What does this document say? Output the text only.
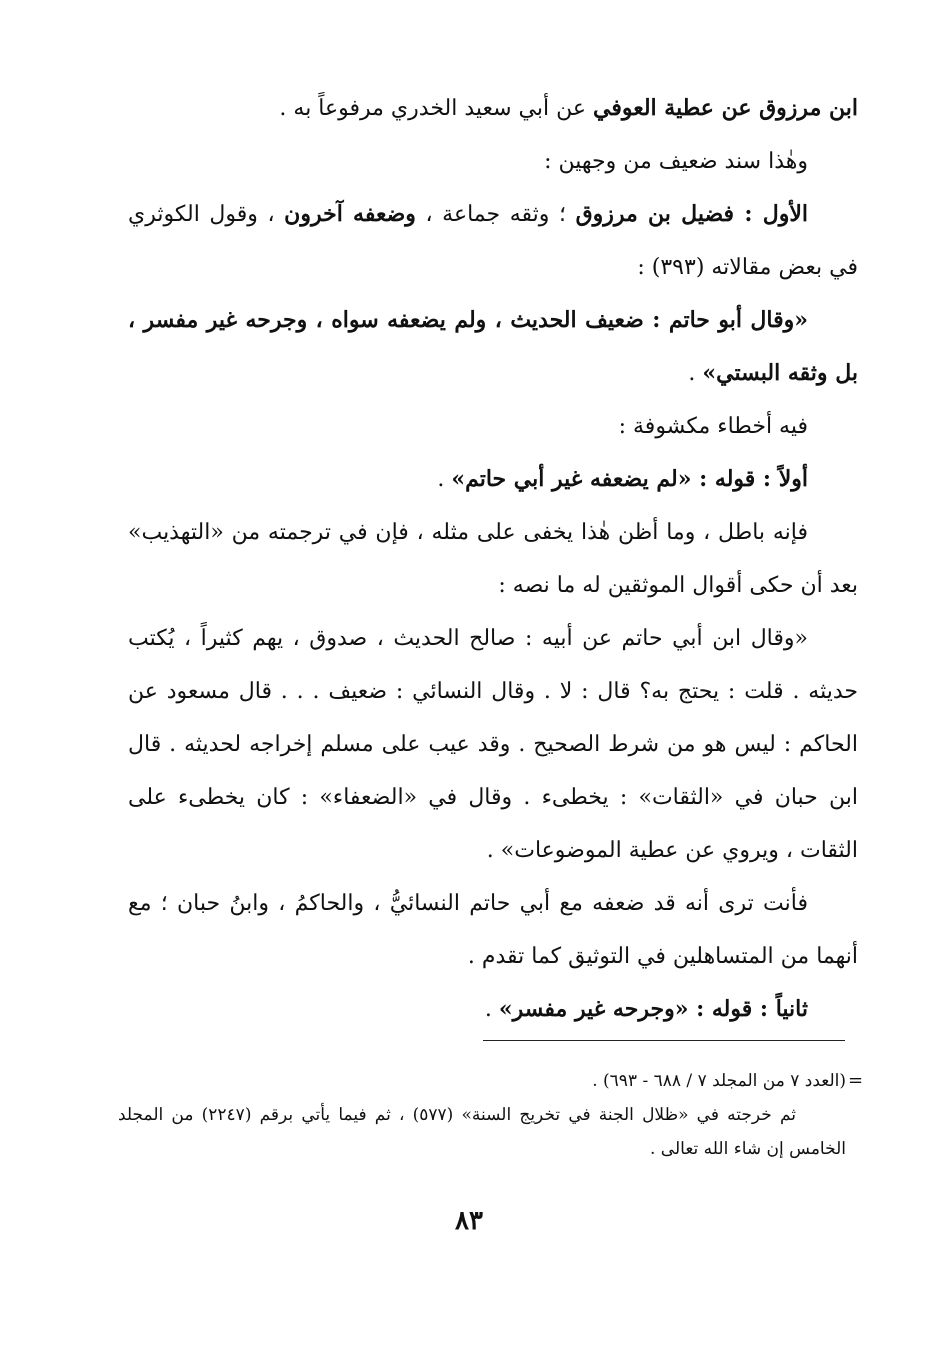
ابن مرزوق عن عطية العوفي عن أبي سعيد الخدري مرفوعاً به .

وهٰذا سند ضعيف من وجهين :

الأول : فضيل بن مرزوق ؛ وثقه جماعة ، وضعفه آخرون ، وقول الكوثري في بعض مقالاته (٣٩٣) :

«وقال أبو حاتم : ضعيف الحديث ، ولم يضعفه سواه ، وجرحه غير مفسر ، بل وثقه البستي» .

فيه أخطاء مكشوفة :

أولاً : قوله : «لم يضعفه غير أبي حاتم» .

فإنه باطل ، وما أظن هٰذا يخفى على مثله ، فإن في ترجمته من «التهذيب» بعد أن حكى أقوال الموثقين له ما نصه :

«وقال ابن أبي حاتم عن أبيه : صالح الحديث ، صدوق ، يهم كثيراً ، يُكتب حديثه . قلت : يحتج به؟ قال : لا . وقال النسائي : ضعيف . . . قال مسعود عن الحاكم : ليس هو من شرط الصحيح . وقد عيب على مسلم إخراجه لحديثه . قال ابن حبان في «الثقات» : يخطىء . وقال في «الضعفاء» : كان يخطىء على الثقات ، ويروي عن عطية الموضوعات» .

فأنت ترى أنه قد ضعفه مع أبي حاتم النسائيُّ ، والحاكمُ ، وابنُ حبان ؛ مع أنهما من المتساهلين في التوثيق كما تقدم .

ثانياً : قوله : «وجرحه غير مفسر» .

=

(العدد ٧ من المجلد ٧ / ٦٨٨ - ٦٩٣) .

ثم خرجته في «ظلال الجنة في تخريج السنة» (٥٧٧) ، ثم فيما يأتي برقم (٢٢٤٧) من المجلد الخامس إن شاء الله تعالى .

٨٣
